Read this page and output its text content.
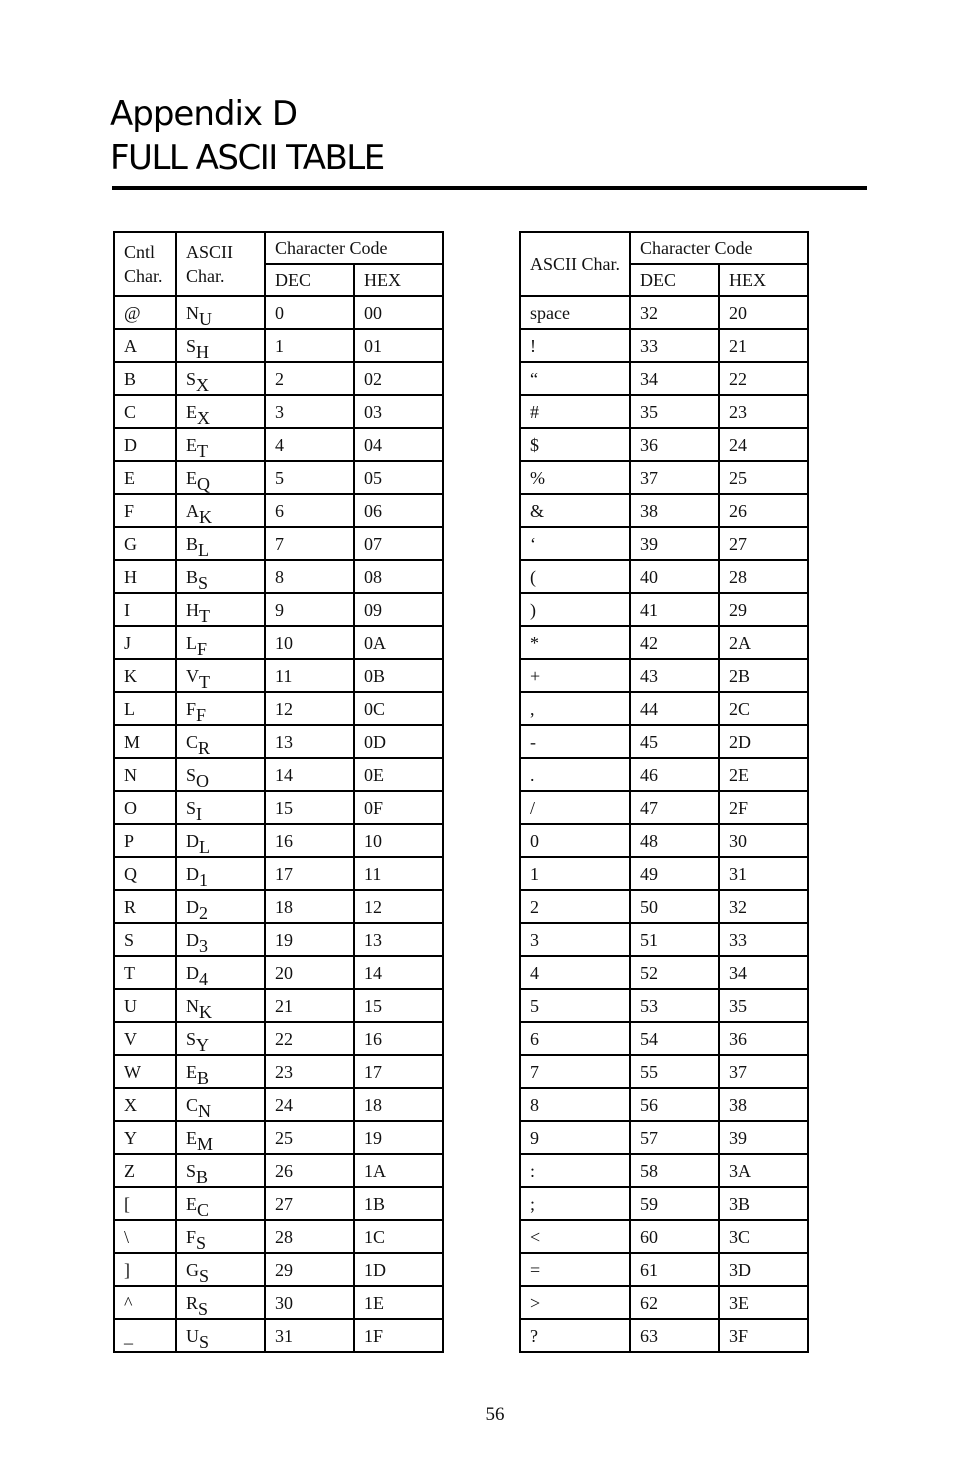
Appendix D
FULL ASCII TABLE
Cntl Char.	ASCII Char.	Character Code	
		DEC	HEX
@	NU	0	00
A	SH	1	01
B	SX	2	02
C	EX	3	03
D	ET	4	04
E	EQ	5	05
F	AK	6	06
G	BL	7	07
H	BS	8	08
I	HT	9	09
J	LF	10	0A
K	VT	11	0B
L	FF	12	0C
M	CR	13	0D
N	SO	14	0E
O	SI	15	0F
P	DL	16	10
Q	D1	17	11
R	D2	18	12
S	D3	19	13
T	D4	20	14
U	NK	21	15
V	SY	22	16
W	EB	23	17
X	CN	24	18
Y	EM	25	19
Z	SB	26	1A
[	EC	27	1B
\	FS	28	1C
]	GS	29	1D
^	RS	30	1E
_	US	31	1F
ASCII Char.	Character Code	
	DEC	HEX
space	32	20
!	33	21
“	34	22
#	35	23
$	36	24
%	37	25
&	38	26
‘	39	27
(	40	28
)	41	29
*	42	2A
+	43	2B
,	44	2C
-	45	2D
.	46	2E
/	47	2F
0	48	30
1	49	31
2	50	32
3	51	33
4	52	34
5	53	35
6	54	36
7	55	37
8	56	38
9	57	39
:	58	3A
;	59	3B
<	60	3C
=	61	3D
>	62	3E
?	63	3F
56
